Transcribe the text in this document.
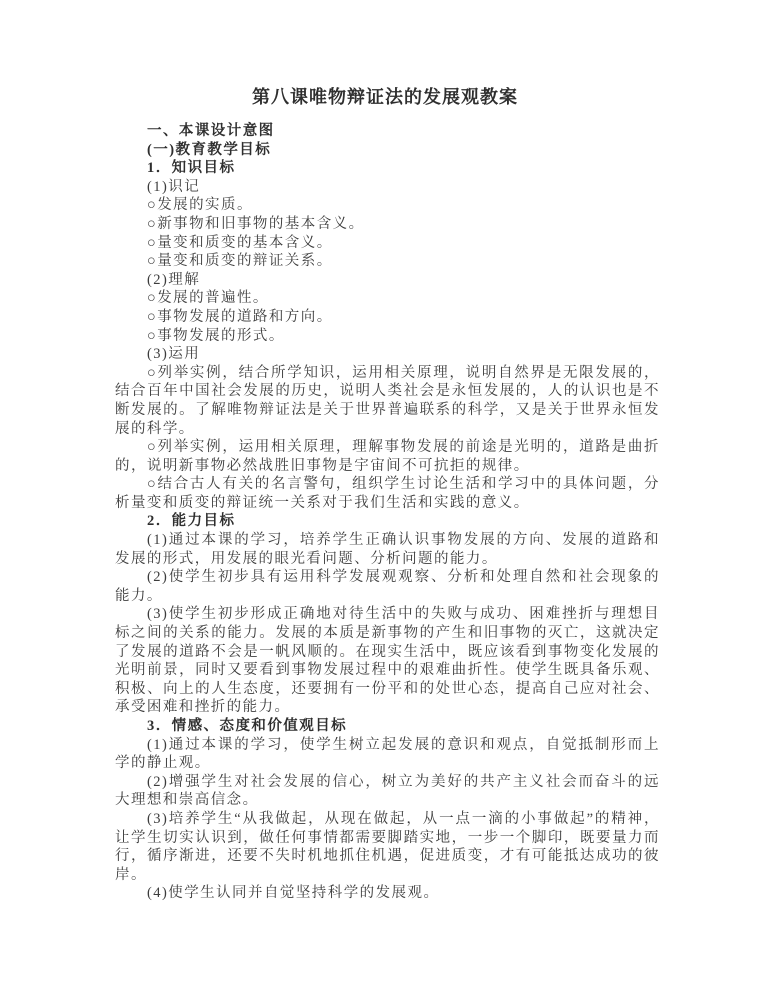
第八课唯物辩证法的发展观教案

一、本课设计意图

(一)教育教学目标

1．知识目标

(1)识记

○发展的实质。

○新事物和旧事物的基本含义。

○量变和质变的基本含义。

○量变和质变的辩证关系。

(2)理解

○发展的普遍性。

○事物发展的道路和方向。

○事物发展的形式。

(3)运用

○列举实例，结合所学知识，运用相关原理，说明自然界是无限发展的，结合百年中国社会发展的历史，说明人类社会是永恒发展的，人的认识也是不断发展的。了解唯物辩证法是关于世界普遍联系的科学，又是关于世界永恒发展的科学。

○列举实例，运用相关原理，理解事物发展的前途是光明的，道路是曲折的，说明新事物必然战胜旧事物是宇宙间不可抗拒的规律。

○结合古人有关的名言警句，组织学生讨论生活和学习中的具体问题，分析量变和质变的辩证统一关系对于我们生活和实践的意义。

2．能力目标

(1)通过本课的学习，培养学生正确认识事物发展的方向、发展的道路和发展的形式，用发展的眼光看问题、分析问题的能力。

(2)使学生初步具有运用科学发展观观察、分析和处理自然和社会现象的能力。

(3)使学生初步形成正确地对待生活中的失败与成功、困难挫折与理想目标之间的关系的能力。发展的本质是新事物的产生和旧事物的灭亡，这就决定了发展的道路不会是一帆风顺的。在现实生活中，既应该看到事物变化发展的光明前景，同时又要看到事物发展过程中的艰难曲折性。使学生既具备乐观、积极、向上的人生态度，还要拥有一份平和的处世心态，提高自己应对社会、承受困难和挫折的能力。

3．情感、态度和价值观目标

(1)通过本课的学习，使学生树立起发展的意识和观点，自觉抵制形而上学的静止观。

(2)增强学生对社会发展的信心，树立为美好的共产主义社会而奋斗的远大理想和崇高信念。

(3)培养学生“从我做起，从现在做起，从一点一滴的小事做起”的精神，让学生切实认识到，做任何事情都需要脚踏实地，一步一个脚印，既要量力而行，循序渐进，还要不失时机地抓住机遇，促进质变，才有可能抵达成功的彼岸。

(4)使学生认同并自觉坚持科学的发展观。
